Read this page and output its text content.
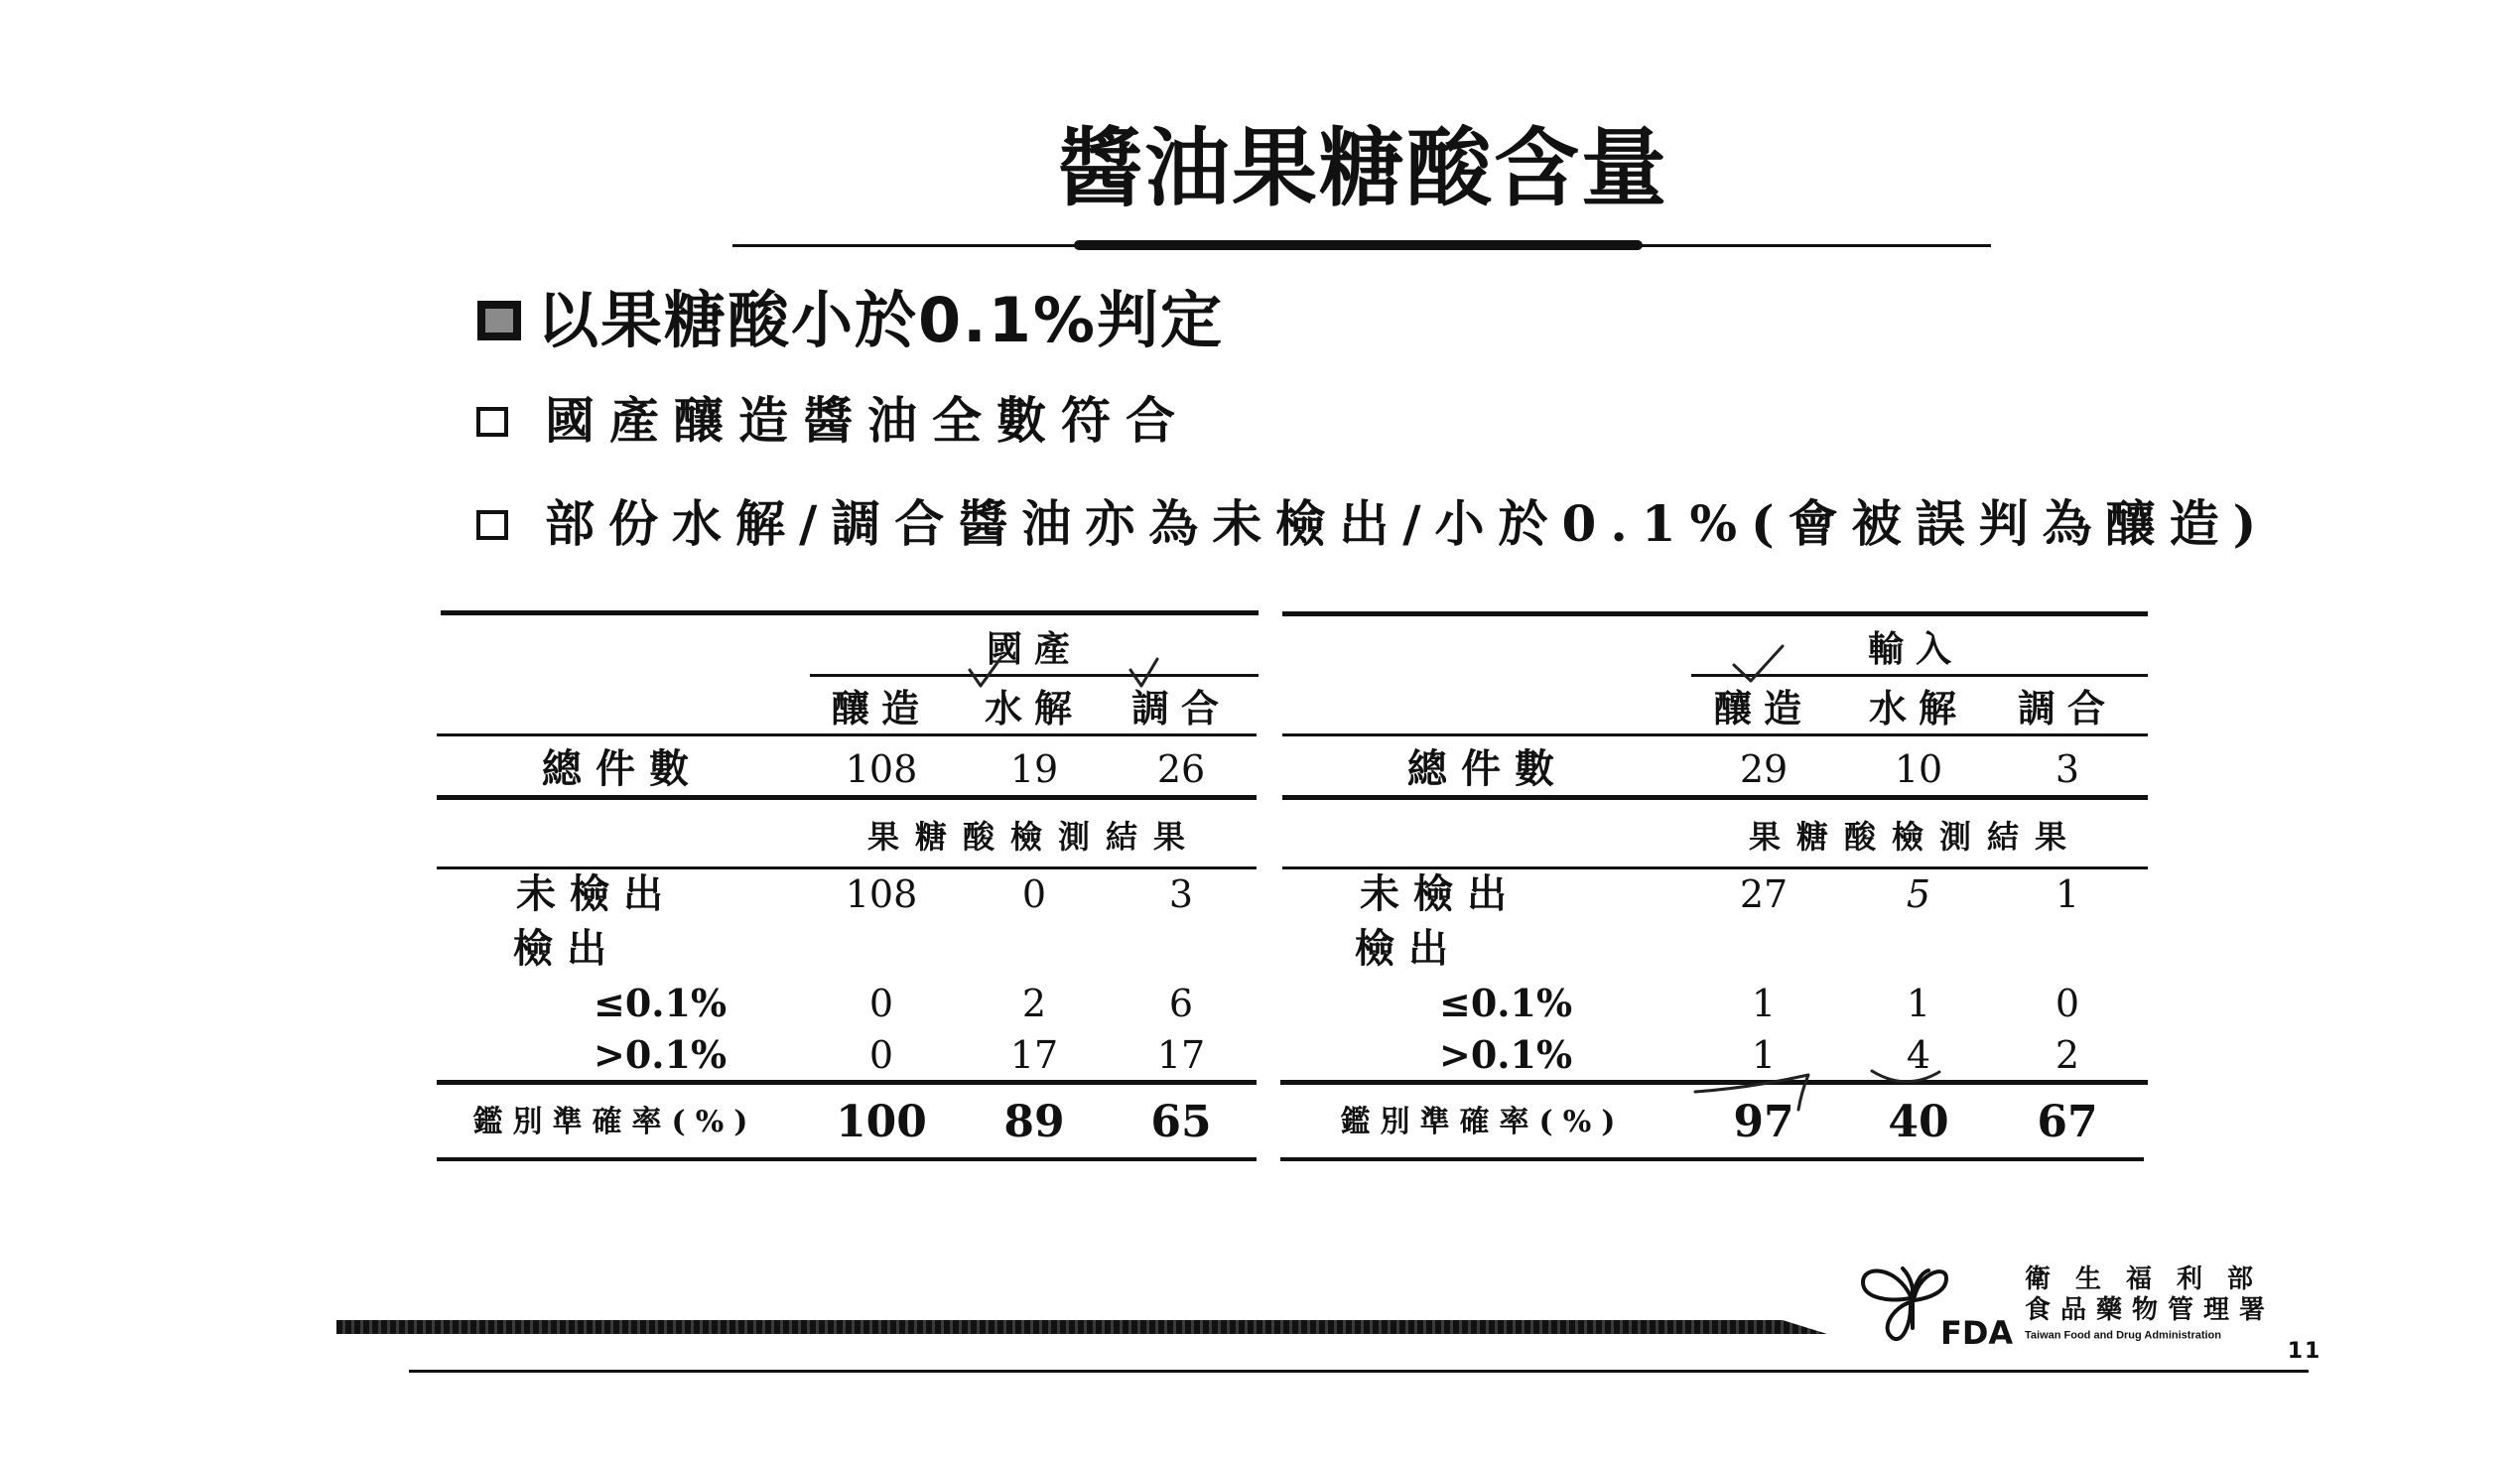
醬油果糖酸含量
以果糖酸小於0.1%判定
國產釀造醬油全數符合
部份水解/調合醬油亦為未檢出/小於0.1%(會被誤判為釀造)
國產
釀造 水解 調合
總件數	108 19	26
果糖酸檢測結果
未檢出	108	0	3
檢出
≤0.1%	0	2	6
>0.1%	0	17	17
鑑別準確率(%) 100 89 65
輸入
釀造 水解 調合
總件數	29	10	3
果糖酸檢測結果
未檢出	27	5	1
檢出
≤0.1%	1	1	0
>0.1%	1	4	2
鑑別準確率(%) 97 40 67
FDA
衛生福利部
食品藥物管理署
Taiwan Food and Drug Administration
11
